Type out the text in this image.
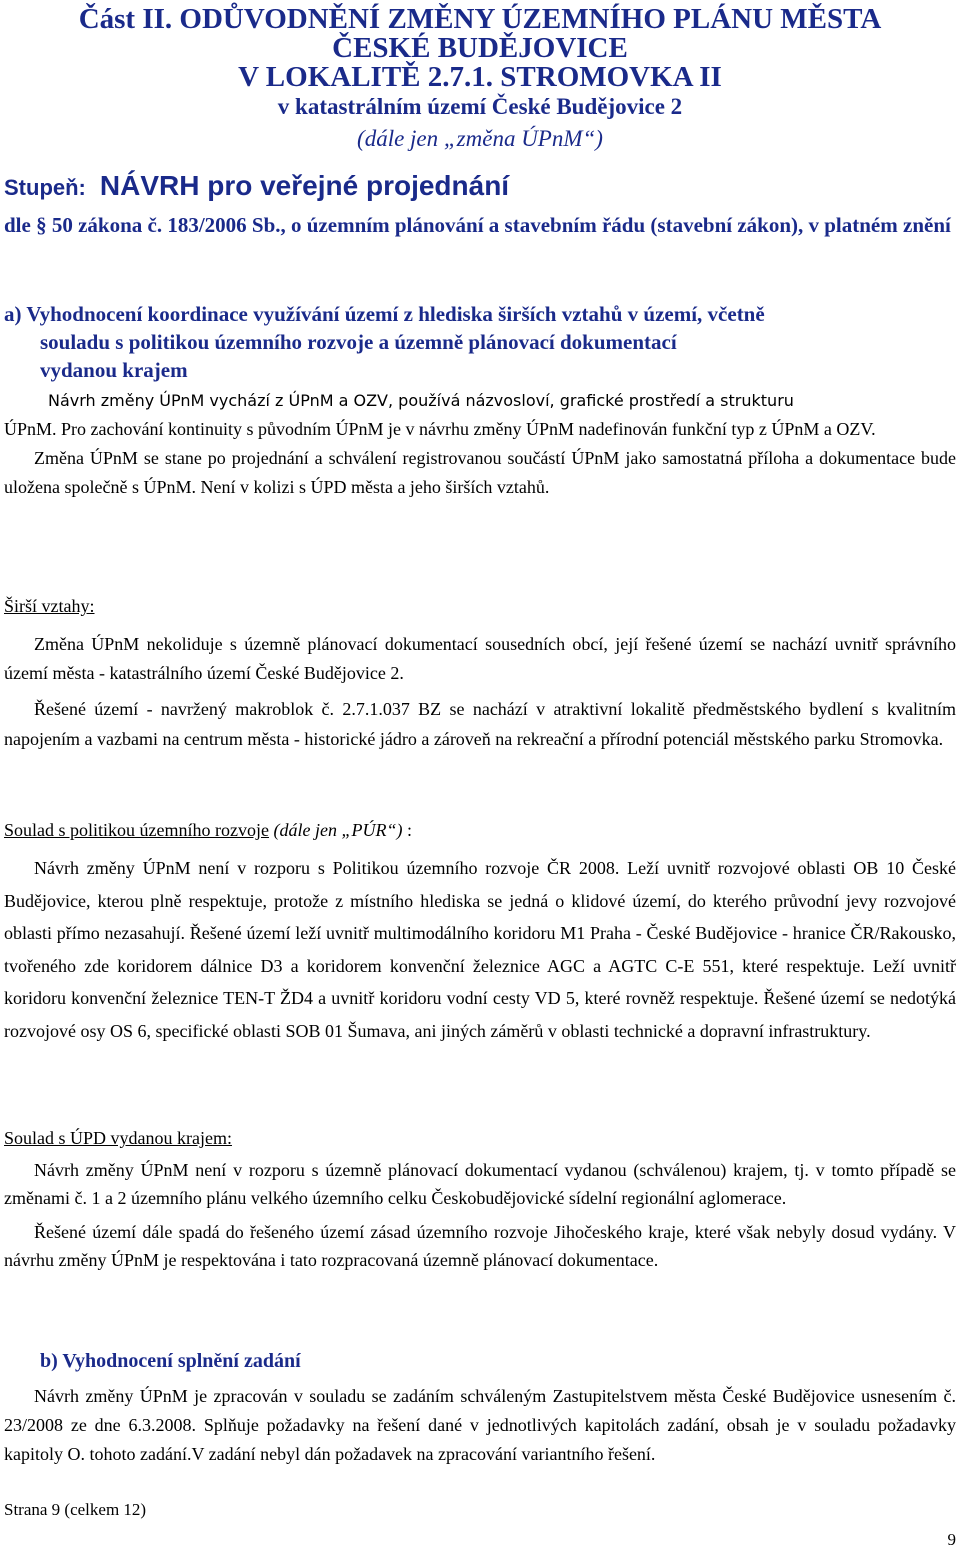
Část II. ODŮVODNĚNÍ ZMĚNY ÚZEMNÍHO PLÁNU MĚSTA
ČESKÉ BUDĚJOVICE
V LOKALITĚ 2.7.1. STROMOVKA II
v katastrálním území České Budějovice 2
(dále jen „změna ÚPnM“)
Stupeň: NÁVRH pro veřejné projednání
dle § 50 zákona č. 183/2006 Sb., o územním plánování a stavebním řádu (stavební zákon), v platném znění
a) Vyhodnocení koordinace využívání území z hlediska širších vztahů v území, včetně
souladu s politikou územního rozvoje a územně plánovací dokumentací
vydanou krajem

Návrh změny ÚPnM vychází z ÚPnM a OZV, používá názvosloví, grafické prostředí a strukturu

ÚPnM. Pro zachování kontinuity s původním ÚPnM je v návrhu změny ÚPnM nadefinován funkční typ z ÚPnM a OZV.

Změna ÚPnM se stane po projednání a schválení registrovanou součástí ÚPnM jako samostatná příloha a dokumentace bude uložena společně s ÚPnM. Není v kolizi s ÚPD města a jeho širších vztahů.

Širší vztahy:

Změna ÚPnM nekoliduje s územně plánovací dokumentací sousedních obcí, její řešené území se nachází uvnitř správního území města - katastrálního území České Budějovice 2.

Řešené území - navržený makroblok č. 2.7.1.037 BZ se nachází v atraktivní lokalitě předměstského bydlení s kvalitním napojením a vazbami na centrum města - historické jádro a zároveň na rekreační a přírodní potenciál městského parku Stromovka.

Soulad s politikou územního rozvoje (dále jen „PÚR“) :

Návrh změny ÚPnM není v rozporu s Politikou územního rozvoje ČR 2008. Leží uvnitř rozvojové oblasti OB 10 České Budějovice, kterou plně respektuje, protože z místního hlediska se jedná o klidové území, do kterého průvodní jevy rozvojové oblasti přímo nezasahují. Řešené území leží uvnitř multimodálního koridoru M1 Praha - České Budějovice - hranice ČR/Rakousko, tvořeného zde koridorem dálnice D3 a koridorem konvenční železnice AGC a AGTC C-E 551, které respektuje. Leží uvnitř koridoru konvenční železnice TEN-T ŽD4 a uvnitř koridoru vodní cesty VD 5, které rovněž respektuje. Řešené území se nedotýká rozvojové osy OS 6, specifické oblasti SOB 01 Šumava, ani jiných záměrů v oblasti technické a dopravní infrastruktury.

Soulad s ÚPD vydanou krajem:

Návrh změny ÚPnM není v rozporu s územně plánovací dokumentací vydanou (schválenou) krajem, tj. v tomto případě se změnami č. 1 a 2 územního plánu velkého územního celku Českobudějovické sídelní regionální aglomerace.

Řešené území dále spadá do řešeného území zásad územního rozvoje Jihočeského kraje, které však nebyly dosud vydány. V návrhu změny ÚPnM je respektována i tato rozpracovaná územně plánovací dokumentace.

b) Vyhodnocení splnění zadání

Návrh změny ÚPnM je zpracován v souladu se zadáním schváleným Zastupitelstvem města České Budějovice usnesením č. 23/2008 ze dne 6.3.2008. Splňuje požadavky na řešení dané v jednotlivých kapitolách zadání, obsah je v souladu požadavky kapitoly O. tohoto zadání.V zadání nebyl dán požadavek na zpracování variantního řešení.

Strana 9 (celkem 12)
9
